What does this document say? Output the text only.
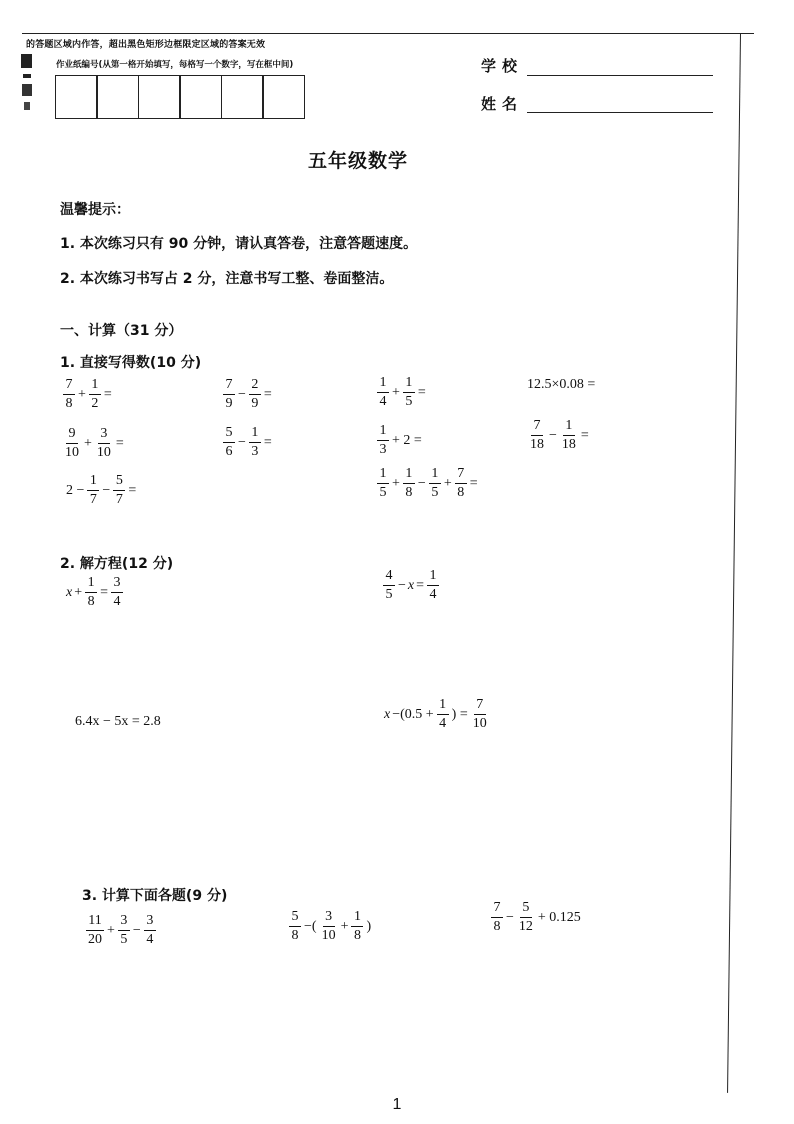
的答题区域内作答，超出黑色矩形边框限定区域的答案无效
作业纸编号(从第一格开始填写，每格写一个数字，写在框中间)	学校
姓名
五年级数学
温馨提示：
1. 本次练习只有 90 分钟，请认真答卷，注意答题速度。
2. 本次练习书写占 2 分，注意书写工整、卷面整洁。
一、计算（31 分）
1. 直接写得数(10 分)
$\frac{7}{8} + \frac{1}{2}$ =	$\frac{7}{9} - \frac{2}{9}$ =	$\frac{1}{4} + \frac{1}{5}$ =	12.5×0.08 =
$\frac{9}{10} + \frac{3}{10}$ =	$\frac{5}{6} - \frac{1}{3}$ =	$\frac{1}{3} + 2$ =	$\frac{7}{18} - \frac{1}{18}$ =
$2 - \frac{1}{7} - \frac{5}{7}$ =	$\frac{1}{5} + \frac{1}{8} - \frac{1}{5} + \frac{7}{8}$ =
2. 解方程(12 分)
$x + \frac{1}{8} = \frac{3}{4}$	$\frac{4}{5} - x = \frac{1}{4}$
6.4x − 5x = 2.8	$x -(0.5 + \frac{1}{4}$ ) = $\frac{7}{10}$
3. 计算下面各题(9 分)
$\frac{11}{20} + \frac{3}{5} - \frac{3}{4}$	$\frac{5}{8}$ −( $\frac{3}{10} + \frac{1}{8}$ )	$\frac{7}{8} - \frac{5}{12} + 0.125$
1
